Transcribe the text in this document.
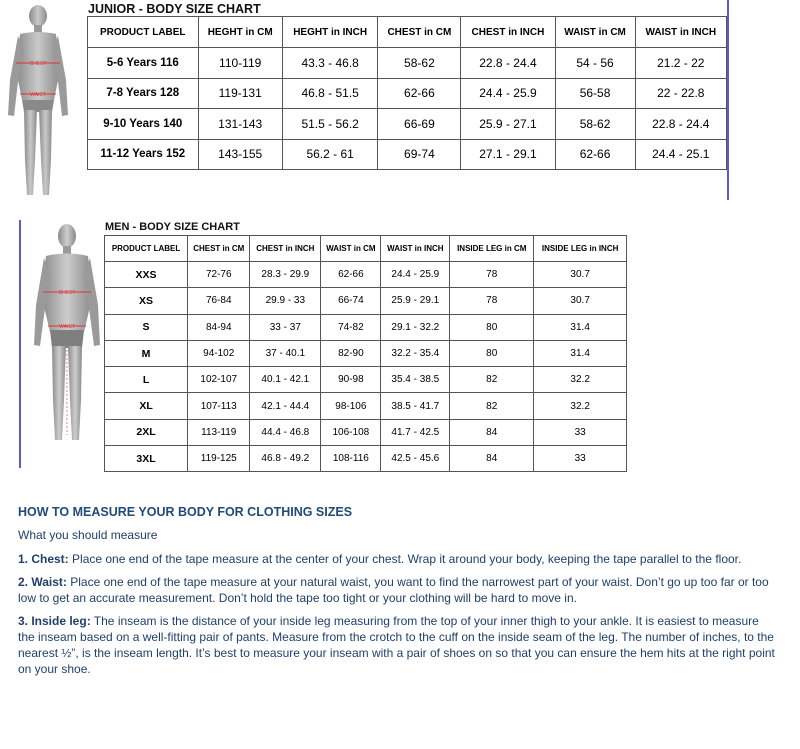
CHEST
WAIST
JUNIOR - BODY SIZE CHART
PRODUCT LABEL	HEGHT in CM	HEGHT in INCH	CHEST in CM	CHEST in INCH	WAIST in CM	WAIST in INCH
5-6 Years 116	110-119	43.3 - 46.8	58-62	22.8 - 24.4	54 - 56	21.2 - 22
7-8 Years 128	119-131	46.8 - 51.5	62-66	24.4 - 25.9	56-58	22 - 22.8
9-10 Years 140	131-143	51.5 - 56.2	66-69	25.9 - 27.1	58-62	22.8 - 24.4
11-12 Years 152	143-155	56.2 - 61	69-74	27.1 - 29.1	62-66	24.4 - 25.1
CHEST
WAIST
MEN - BODY SIZE CHART
PRODUCT LABEL	CHEST in CM	CHEST in INCH	WAIST in CM	WAIST in INCH	INSIDE LEG in CM	INSIDE LEG in INCH
XXS	72-76	28.3 - 29.9	62-66	24.4 - 25.9	78	30.7
XS	76-84	29.9 - 33	66-74	25.9 - 29.1	78	30.7
S	84-94	33 - 37	74-82	29.1 - 32.2	80	31.4
M	94-102	37 - 40.1	82-90	32.2 - 35.4	80	31.4
L	102-107	40.1 - 42.1	90-98	35.4 - 38.5	82	32.2
XL	107-113	42.1 - 44.4	98-106	38.5 - 41.7	82	32.2
2XL	113-119	44.4 - 46.8	106-108	41.7 - 42.5	84	33
3XL	119-125	46.8 - 49.2	108-116	42.5 - 45.6	84	33
HOW TO MEASURE YOUR BODY FOR CLOTHING SIZES
What you should measure

1. Chest: Place one end of the tape measure at the center of your chest. Wrap it around your body, keeping the tape parallel to the floor.

2. Waist: Place one end of the tape measure at your natural waist, you want to find the narrowest part of your waist. Don’t go up too far or too low to get an accurate measurement. Don’t hold the tape too tight or your clothing will be hard to move in.

3. Inside leg: The inseam is the distance of your inside leg measuring from the top of your inner thigh to your ankle. It is easiest to measure the inseam based on a well-fitting pair of pants. Measure from the crotch to the cuff on the inside seam of the leg. The number of inches, to the nearest ½”, is the inseam length. It’s best to measure your inseam with a pair of shoes on so that you can ensure the hem hits at the right point on your shoe.
